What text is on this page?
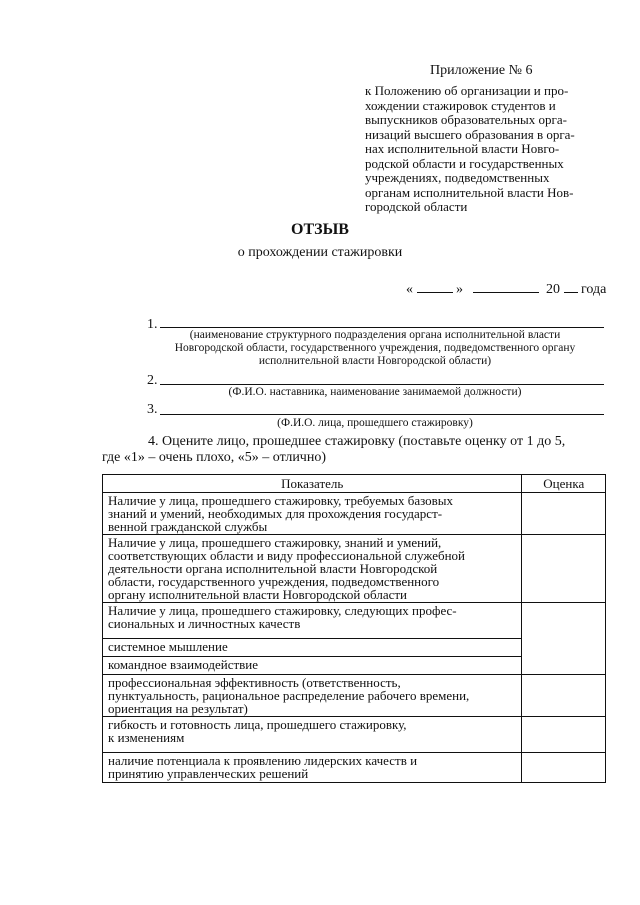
Приложение № 6
к Положению об организации и про-
хождении стажировок студентов и
выпускников образовательных орга-
низаций высшего образования в орга-
нах исполнительной власти Новго-
родской области и государственных
учреждениях, подведомственных
органам исполнительной власти Нов-
городской области
ОТЗЫВ
о прохождении стажировки
«	»	20 года
1.
(наименование структурного подразделения органа исполнительной власти
Новгородской области, государственного учреждения, подведомственного органу
исполнительной власти Новгородской области)
2.
(Ф.И.О. наставника, наименование занимаемой должности)
3.
(Ф.И.О. лица, прошедшего стажировку)
4. Оцените лицо, прошедшее стажировку (поставьте оценку от 1 до 5,
где «1» – очень плохо, «5» – отлично)
Показатель	Оценка

Наличие у лица, прошедшего стажировку, требуемых базовых
знаний и умений, необходимых для прохождения государст-
венной гражданской службы	

Наличие у лица, прошедшего стажировку, знаний и умений,
соответствующих области и виду профессиональной служебной
деятельности органа исполнительной власти Новгородской
области, государственного учреждения, подведомственного
органу исполнительной власти Новгородской области	

Наличие у лица, прошедшего стажировку, следующих профес-
сиональных и личностных качеств	

системное мышление	

командное взаимодействие	

профессиональная эффективность (ответственность,
пунктуальность, рациональное распределение рабочего времени,
ориентация на результат)	

гибкость и готовность лица, прошедшего стажировку,
к изменениям	

наличие потенциала к проявлению лидерских качеств и
принятию управленческих решений	
